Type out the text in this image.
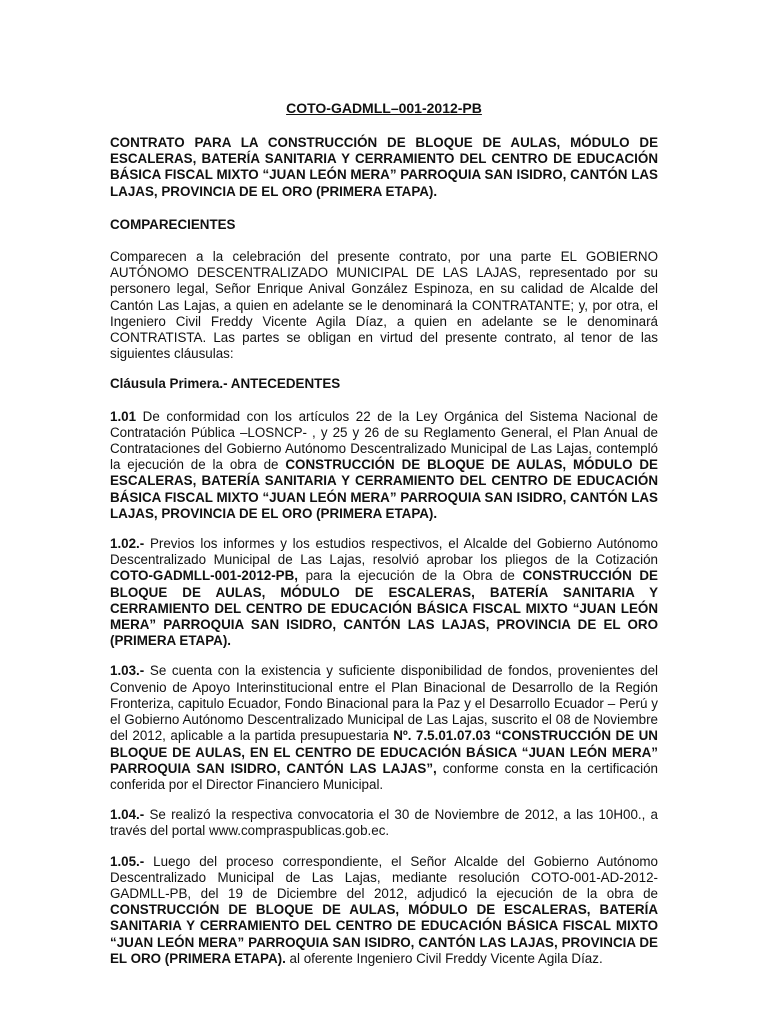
COTO-GADMLL–001-2012-PB

CONTRATO PARA LA CONSTRUCCIÓN DE BLOQUE DE AULAS, MÓDULO DE ESCALERAS, BATERÍA SANITARIA Y CERRAMIENTO DEL CENTRO DE EDUCACIÓN BÁSICA FISCAL MIXTO “JUAN LEÓN MERA” PARROQUIA SAN ISIDRO, CANTÓN LAS LAJAS, PROVINCIA DE EL ORO (PRIMERA ETAPA).

COMPARECIENTES

Comparecen a la celebración del presente contrato, por una parte EL GOBIERNO AUTÓNOMO DESCENTRALIZADO MUNICIPAL DE LAS LAJAS, representado por su personero legal, Señor Enrique Anival González Espinoza, en su calidad de Alcalde del Cantón Las Lajas, a quien en adelante se le denominará la CONTRATANTE; y, por otra, el Ingeniero Civil Freddy Vicente Agila Díaz, a quien en adelante se le denominará CONTRATISTA. Las partes se obligan en virtud del presente contrato, al tenor de las siguientes cláusulas:

Cláusula Primera.- ANTECEDENTES

1.01 De conformidad con los artículos 22 de la Ley Orgánica del Sistema Nacional de Contratación Pública –LOSNCP- , y 25 y 26 de su Reglamento General, el Plan Anual de Contrataciones del Gobierno Autónomo Descentralizado Municipal de Las Lajas, contempló la ejecución de la obra de CONSTRUCCIÓN DE BLOQUE DE AULAS, MÓDULO DE ESCALERAS, BATERÍA SANITARIA Y CERRAMIENTO DEL CENTRO DE EDUCACIÓN BÁSICA FISCAL MIXTO “JUAN LEÓN MERA” PARROQUIA SAN ISIDRO, CANTÓN LAS LAJAS, PROVINCIA DE EL ORO (PRIMERA ETAPA).

1.02.- Previos los informes y los estudios respectivos, el Alcalde del Gobierno Autónomo Descentralizado Municipal de Las Lajas, resolvió aprobar los pliegos de la Cotización COTO-GADMLL-001-2012-PB, para la ejecución de la Obra de CONSTRUCCIÓN DE BLOQUE DE AULAS, MÓDULO DE ESCALERAS, BATERÍA SANITARIA Y CERRAMIENTO DEL CENTRO DE EDUCACIÓN BÁSICA FISCAL MIXTO “JUAN LEÓN MERA” PARROQUIA SAN ISIDRO, CANTÓN LAS LAJAS, PROVINCIA DE EL ORO (PRIMERA ETAPA).

1.03.- Se cuenta con la existencia y suficiente disponibilidad de fondos, provenientes del Convenio de Apoyo Interinstitucional entre el Plan Binacional de Desarrollo de la Región Fronteriza, capitulo Ecuador, Fondo Binacional para la Paz y el Desarrollo Ecuador – Perú y el Gobierno Autónomo Descentralizado Municipal de Las Lajas, suscrito el 08 de Noviembre del 2012, aplicable a la partida presupuestaria Nº. 7.5.01.07.03 “CONSTRUCCIÓN DE UN BLOQUE DE AULAS, EN EL CENTRO DE EDUCACIÓN BÁSICA “JUAN LEÓN MERA” PARROQUIA SAN ISIDRO, CANTÓN LAS LAJAS”, conforme consta en la certificación conferida por el Director Financiero Municipal.

1.04.- Se realizó la respectiva convocatoria el 30 de Noviembre de 2012, a las 10H00., a través del portal www.compraspublicas.gob.ec.

1.05.- Luego del proceso correspondiente, el Señor Alcalde del Gobierno Autónomo Descentralizado Municipal de Las Lajas, mediante resolución COTO-001-AD-2012-GADMLL-PB, del 19 de Diciembre del 2012, adjudicó la ejecución de la obra de CONSTRUCCIÓN DE BLOQUE DE AULAS, MÓDULO DE ESCALERAS, BATERÍA SANITARIA Y CERRAMIENTO DEL CENTRO DE EDUCACIÓN BÁSICA FISCAL MIXTO “JUAN LEÓN MERA” PARROQUIA SAN ISIDRO, CANTÓN LAS LAJAS, PROVINCIA DE EL ORO (PRIMERA ETAPA). al oferente Ingeniero Civil Freddy Vicente Agila Díaz.
